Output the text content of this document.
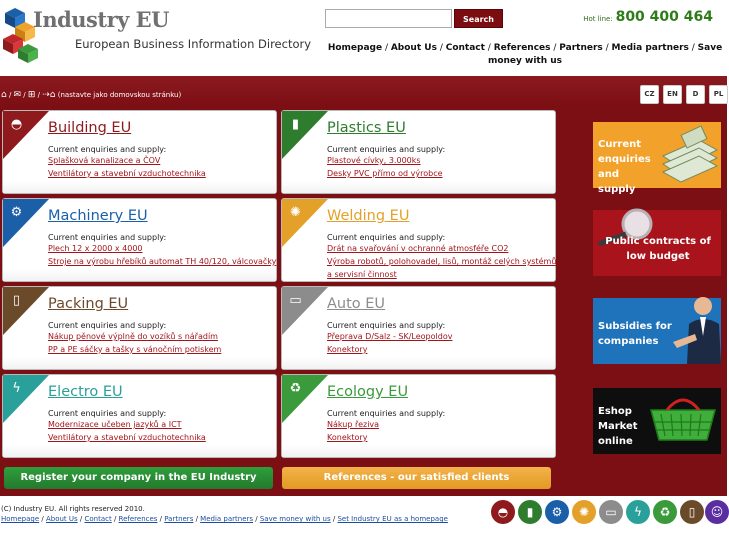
Industry EU
European Business Information Directory
Search	Hot line: 800 400 464
Homepage / About Us / Contact / References / Partners / Media partners / Save money with us
⌂ / ✉ / ⊞ / ⇢⌂ (nastavte jako domovskou stránku)	CZ	EN	D	PL
◓ Building EU
Current enquiries and supply:
Splašková kanalizace a ČOV
Ventilátory a stavební vzduchotechnika
▮ Plastics EU
Current enquiries and supply:
Plastové cívky, 3.000ks
Desky PVC přímo od výrobce
⚙ Machinery EU
Current enquiries and supply:
Plech 12 x 2000 x 4000
Stroje na výrobu hřebíků automat TH 40/120, válcovačky
✺ Welding EU
Current enquiries and supply:
Drát na svařování v ochranné atmosféře CO2
Výroba robotů, polohovadel, lisů, montáž celých systémů
a servisní činnost
▯ Packing EU
Current enquiries and supply:
Nákup pěnové výplně do vozíků s nářadím
PP a PE sáčky a tašky s vánočním potiskem
▭ Auto EU
Current enquiries and supply:
Přeprava D/Salz - SK/Leopoldov
Konektory
ϟ Electro EU
Current enquiries and supply:
Modernizace učeben jazyků a ICT
Ventilátory a stavební vzduchotechnika
♻ Ecology EU
Current enquiries and supply:
Nákup řeziva
Konektory
Current enquiries and supply
Public contracts of low budget
Subsidies for companies
Eshop Market online
Register your company in the EU Industry	References - our satisfied clients
(C) Industry EU. All rights reserved 2010.
Homepage / About Us / Contact / References / Partners / Media partners / Save money with us / Set Industry EU as a homepage	◓	▮	⚙	✺	▭	ϟ	♻	▯	☺
